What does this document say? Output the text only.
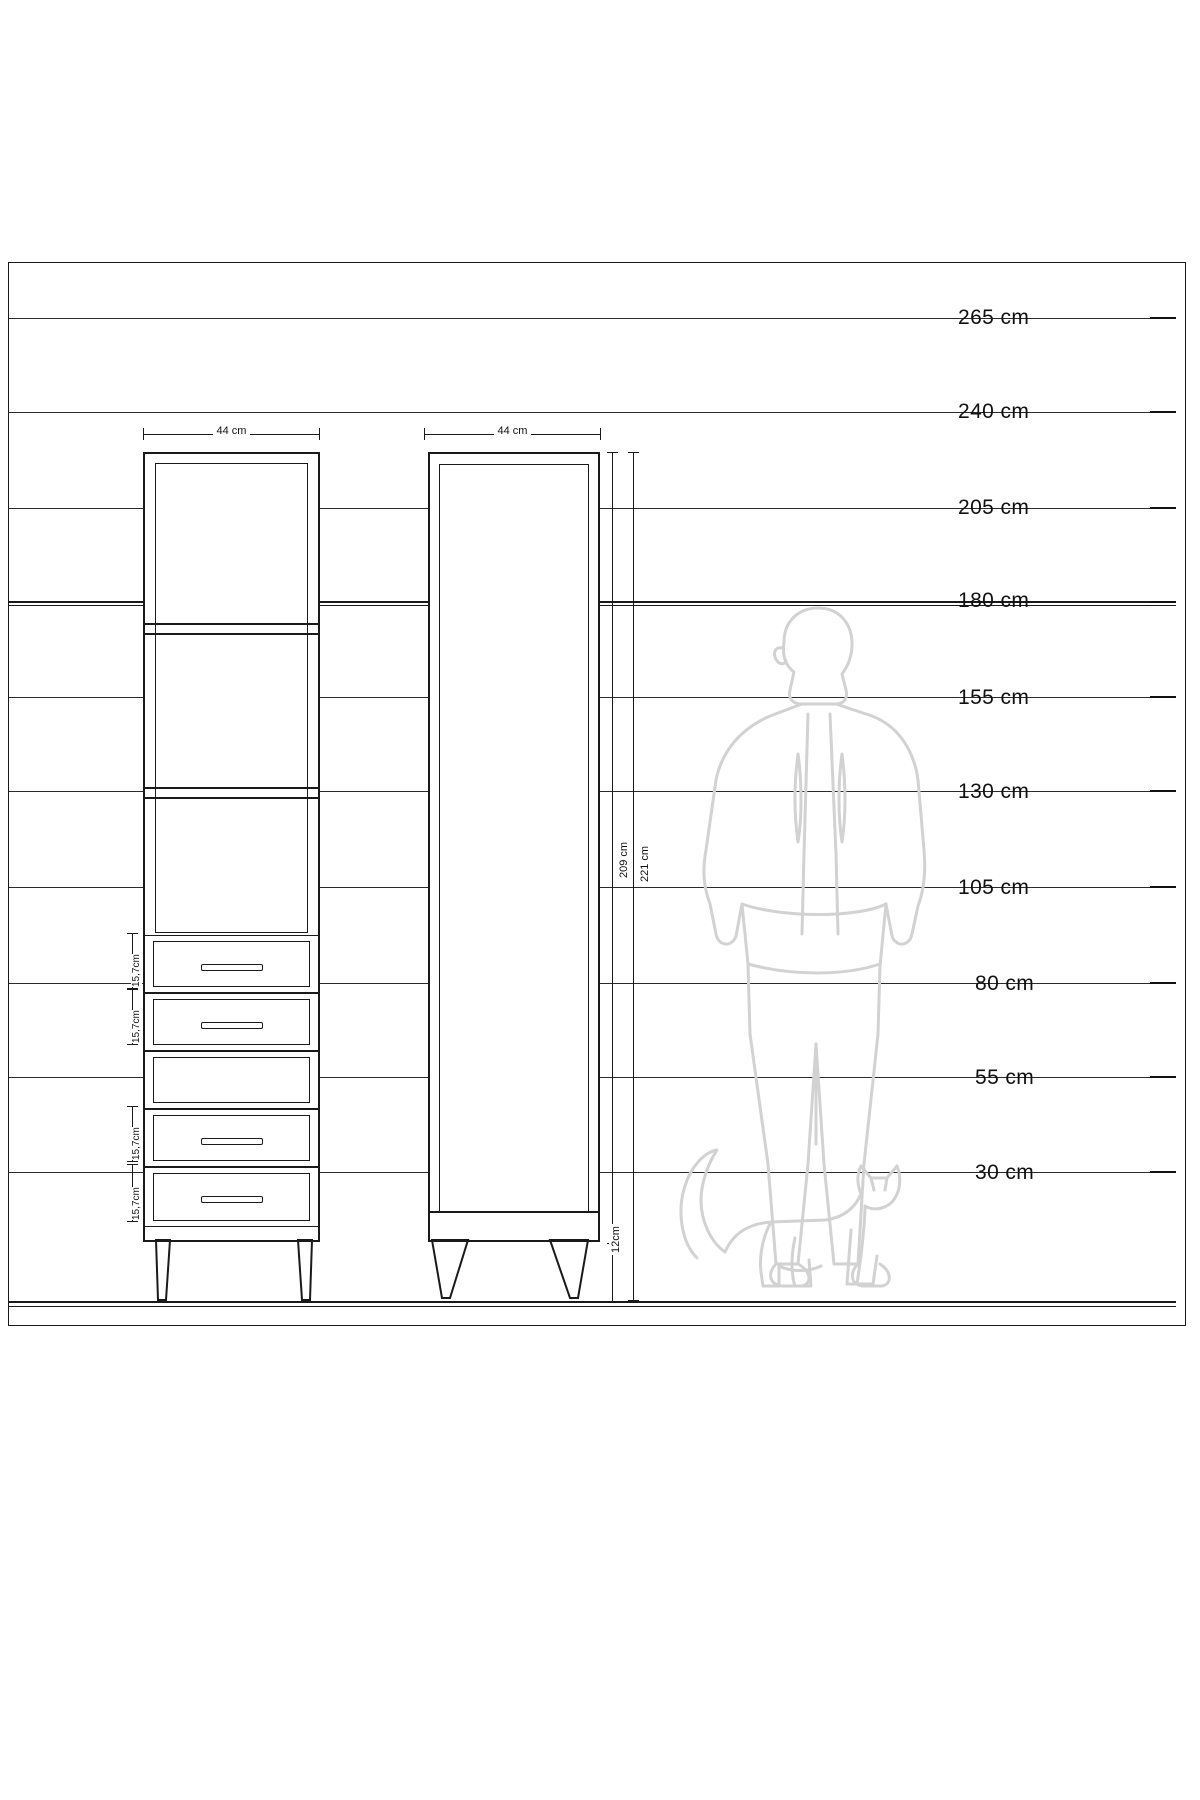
265 cm
240 cm
205 cm
180 cm
155 cm
130 cm
105 cm
80 cm
55 cm
30 cm
44 cm	44 cm
209 cm 221 cm
12cm
15,7cm
15,7cm
15,7cm
15,7cm
